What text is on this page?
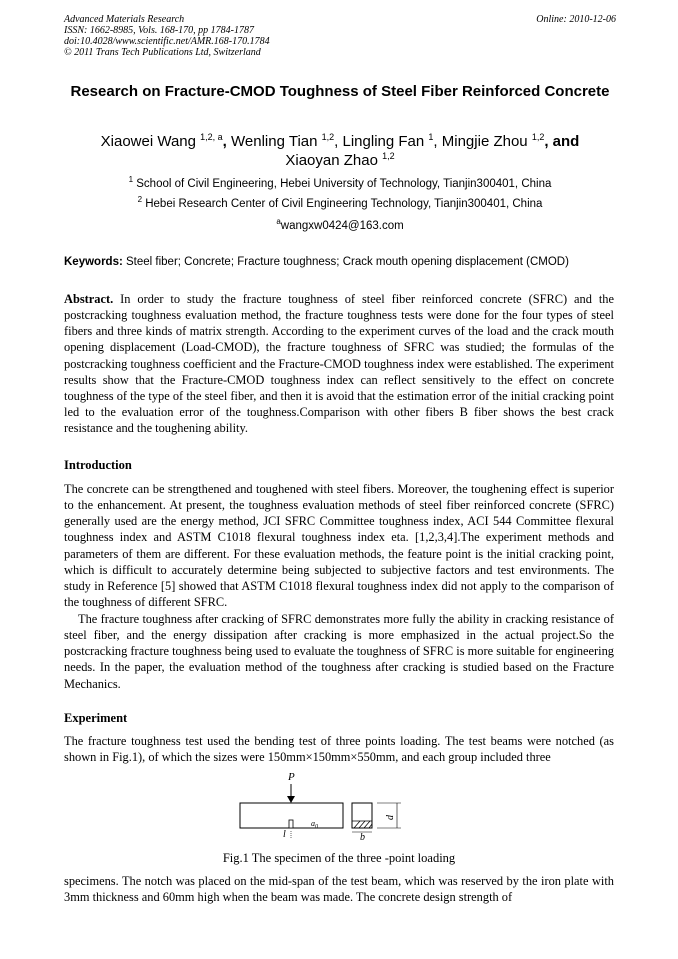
Advanced Materials Research
ISSN: 1662-8985, Vols. 168-170, pp 1784-1787
doi:10.4028/www.scientific.net/AMR.168-170.1784
© 2011 Trans Tech Publications Ltd, Switzerland
Online: 2010-12-06
Research on Fracture-CMOD Toughness of Steel Fiber Reinforced Concrete
Xiaowei Wang $^{1,2, a}$, Wenling Tian $^{1,2}$, Lingling Fan $^1$, Mingjie Zhou $^{1,2}$, and
Xiaoyan Zhao $^{1,2}$
$^1$ School of Civil Engineering, Hebei University of Technology, Tianjin300401, China
$^2$ Hebei Research Center of Civil Engineering Technology, Tianjin300401, China
$^a$wangxw0424@163.com
Keywords: Steel fiber; Concrete; Fracture toughness; Crack mouth opening displacement (CMOD)
Abstract. In order to study the fracture toughness of steel fiber reinforced concrete (SFRC) and the postcracking toughness evaluation method, the fracture toughness tests were done for the four types of steel fibers and three kinds of matrix strength. According to the experiment curves of the load and the crack mouth opening displacement (Load-CMOD), the fracture toughness of SFRC was studied; the formulas of the postcracking toughness coefficient and the Fracture-CMOD toughness index were established. The experiment results show that the Fracture-CMOD toughness index can reflect sensitively to the effect on concrete toughness of the type of the steel fiber, and then it is avoid that the estimation error of the initial cracking point led to the evaluation error of the toughness.Comparison with other fibers B fiber shows the best crack resistance and the toughening ability.
Introduction
The concrete can be strengthened and toughened with steel fibers. Moreover, the toughening effect is superior to the enhancement. At present, the toughness evaluation methods of steel fiber reinforced concrete (SFRC) generally used are the energy method, JCI SFRC Committee toughness index, ACI 544 Committee flexural toughness index and ASTM C1018 flexural toughness index eta. [1,2,3,4].The experiment methods and parameters of them are different. For these evaluation methods, the feature point is the initial cracking point, which is difficult to accurately determine being subjected to subjective factors and test environments. The study in Reference [5] showed that ASTM C1018 flexural toughness index did not apply to the comparison of the toughness of different SFRC.
The fracture toughness after cracking of SFRC demonstrates more fully the ability in cracking resistance of steel fiber, and the energy dissipation after cracking is more emphasized in the actual project.So the postcracking fracture toughness being used to evaluate the toughness of SFRC is more suitable for engineering needs. In the paper, the evaluation method of the toughness after cracking is studied based on the Fracture Mechanics.
Experiment
The fracture toughness test used the bending test of three points loading. The test beams were notched (as shown in Fig.1), of which the sizes were 150mm×150mm×550mm, and each group included three
P
$a_0$
l	b
d
Fig.1 The specimen of the three -point loading
specimens. The notch was placed on the mid-span of the test beam, which was reserved by the iron plate with 3mm thickness and 60mm high when the beam was made. The concrete design strength of
